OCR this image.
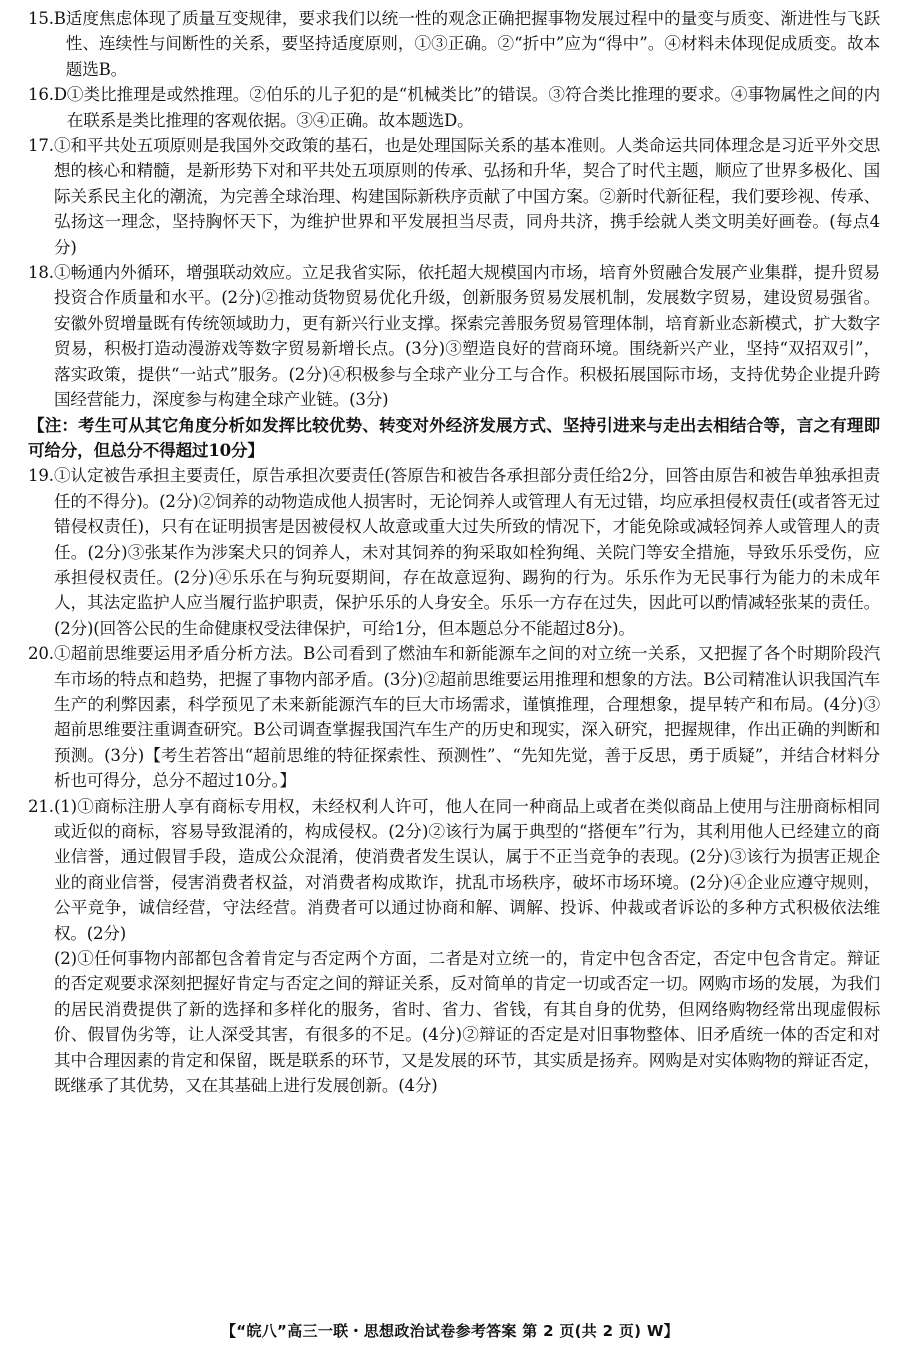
15.B 适度焦虑体现了质量互变规律，要求我们以统一性的观念正确把握事物发展过程中的量变与质变、渐进性与飞跃性、连续性与间断性的关系，要坚持适度原则，①③正确。②“折中”应为“得中”。④材料未体现促成质变。故本题选B。
16.D ①类比推理是或然推理。②伯乐的儿子犯的是“机械类比”的错误。③符合类比推理的要求。④事物属性之间的内在联系是类比推理的客观依据。③④正确。故本题选D。
17. ①和平共处五项原则是我国外交政策的基石，也是处理国际关系的基本准则。人类命运共同体理念是习近平外交思想的核心和精髓，是新形势下对和平共处五项原则的传承、弘扬和升华，契合了时代主题，顺应了世界多极化、国际关系民主化的潮流，为完善全球治理、构建国际新秩序贡献了中国方案。②新时代新征程，我们要珍视、传承、弘扬这一理念，坚持胸怀天下，为维护世界和平发展担当尽责，同舟共济，携手绘就人类文明美好画卷。(每点4分)
18. ①畅通内外循环，增强联动效应。立足我省实际，依托超大规模国内市场，培育外贸融合发展产业集群，提升贸易投资合作质量和水平。(2分)②推动货物贸易优化升级，创新服务贸易发展机制，发展数字贸易，建设贸易强省。安徽外贸增量既有传统领域助力，更有新兴行业支撑。探索完善服务贸易管理体制，培育新业态新模式，扩大数字贸易，积极打造动漫游戏等数字贸易新增长点。(3分)③塑造良好的营商环境。围绕新兴产业，坚持“双招双引”，落实政策，提供“一站式”服务。(2分)④积极参与全球产业分工与合作。积极拓展国际市场，支持优势企业提升跨国经营能力，深度参与构建全球产业链。(3分)
【注：考生可从其它角度分析如发挥比较优势、转变对外经济发展方式、坚持引进来与走出去相结合等，言之有理即可给分，但总分不得超过10分】
19. ①认定被告承担主要责任，原告承担次要责任(答原告和被告各承担部分责任给2分，回答由原告和被告单独承担责任的不得分)。(2分)②饲养的动物造成他人损害时，无论饲养人或管理人有无过错，均应承担侵权责任(或者答无过错侵权责任)，只有在证明损害是因被侵权人故意或重大过失所致的情况下，才能免除或减轻饲养人或管理人的责任。(2分)③张某作为涉案犬只的饲养人，未对其饲养的狗采取如栓狗绳、关院门等安全措施，导致乐乐受伤，应承担侵权责任。(2分)④乐乐在与狗玩耍期间，存在故意逗狗、踢狗的行为。乐乐作为无民事行为能力的未成年人，其法定监护人应当履行监护职责，保护乐乐的人身安全。乐乐一方存在过失，因此可以酌情减轻张某的责任。(2分)(回答公民的生命健康权受法律保护，可给1分，但本题总分不能超过8分)。
20. ①超前思维要运用矛盾分析方法。B公司看到了燃油车和新能源车之间的对立统一关系，又把握了各个时期阶段汽车市场的特点和趋势，把握了事物内部矛盾。(3分)②超前思维要运用推理和想象的方法。B公司精准认识我国汽车生产的利弊因素，科学预见了未来新能源汽车的巨大市场需求，谨慎推理，合理想象，提早转产和布局。(4分)③超前思维要注重调查研究。B公司调查掌握我国汽车生产的历史和现实，深入研究，把握规律，作出正确的判断和预测。(3分)【考生若答出“超前思维的特征探索性、预测性”、“先知先觉，善于反思，勇于质疑”，并结合材料分析也可得分，总分不超过10分。】
21. (1)①商标注册人享有商标专用权，未经权利人许可，他人在同一种商品上或者在类似商品上使用与注册商标相同或近似的商标，容易导致混淆的，构成侵权。(2分)②该行为属于典型的“搭便车”行为，其利用他人已经建立的商业信誉，通过假冒手段，造成公众混淆，使消费者发生误认，属于不正当竞争的表现。(2分)③该行为损害正规企业的商业信誉，侵害消费者权益，对消费者构成欺诈，扰乱市场秩序，破坏市场环境。(2分)④企业应遵守规则，公平竞争，诚信经营，守法经营。消费者可以通过协商和解、调解、投诉、仲裁或者诉讼的多种方式积极依法维权。(2分)
(2)①任何事物内部都包含着肯定与否定两个方面，二者是对立统一的，肯定中包含否定，否定中包含肯定。辩证的否定观要求深刻把握好肯定与否定之间的辩证关系，反对简单的肯定一切或否定一切。网购市场的发展，为我们的居民消费提供了新的选择和多样化的服务，省时、省力、省钱，有其自身的优势，但网络购物经常出现虚假标价、假冒伪劣等，让人深受其害，有很多的不足。(4分)②辩证的否定是对旧事物整体、旧矛盾统一体的否定和对其中合理因素的肯定和保留，既是联系的环节，又是发展的环节，其实质是扬弃。网购是对实体购物的辩证否定，既继承了其优势，又在其基础上进行发展创新。(4分)
【“皖八”高三一联・思想政治试卷参考答案 第 2 页(共 2 页) W】
